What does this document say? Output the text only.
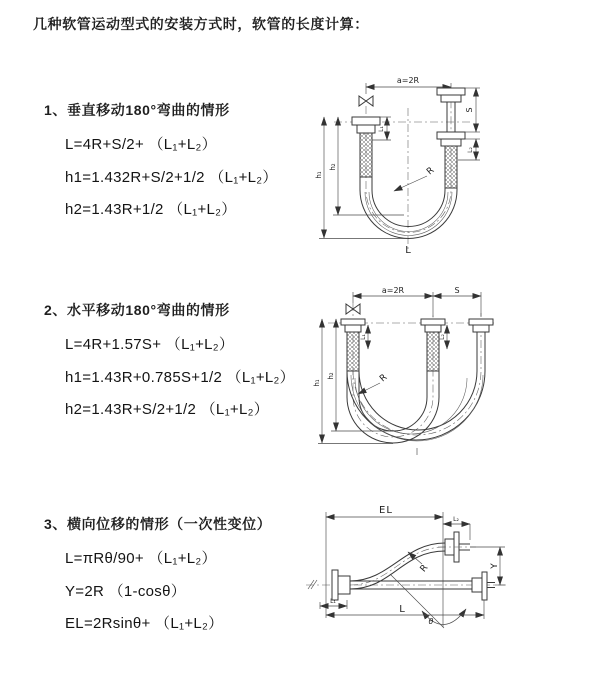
几种软管运动型式的安装方式时，软管的长度计算：

1、垂直移动180°弯曲的情形

L=4R+S/2+ （L₁+L₂）
h1=1.432R+S/2+1/2 （L₁+L₂）
h2=1.43R+1/2 （L₁+L₂）
a=2R
S
L₂
L₁
h₁
h₂	R
L

2、水平移动180°弯曲的情形

L=4R+1.57S+ （L₁+L₂）
h1=1.43R+0.785S+1/2 （L₁+L₂）
h2=1.43R+S/2+1/2 （L₁+L₂）
a=2R	S
h₁
h₂
L₁	L₂
R

3、横向位移的情形（一次性变位）

L=πRθ/90+ （L₁+L₂）
Y=2R （1-cosθ）
EL=2Rsinθ+ （L₁+L₂）
EL
L₂
Y
R
θ
L
L₁
